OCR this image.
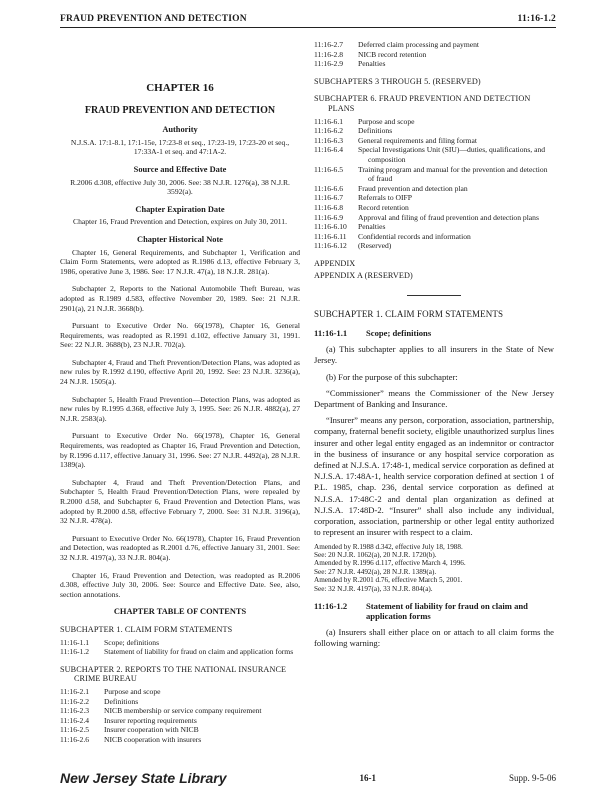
FRAUD PREVENTION AND DETECTION	11:16-1.2
CHAPTER 16
FRAUD PREVENTION AND DETECTION
Authority
N.J.S.A. 17:1-8.1, 17:1-15e, 17:23-8 et seq., 17:23-19, 17:23-20 et seq., 17:33A-1 et seq. and 47:1A-2.
Source and Effective Date
R.2006 d.308, effective July 30, 2006. See: 38 N.J.R. 1276(a), 38 N.J.R. 3592(a).
Chapter Expiration Date
Chapter 16, Fraud Prevention and Detection, expires on July 30, 2011.
Chapter Historical Note

Chapter 16, General Requirements, and Subchapter 1, Verification and Claim Form Statements, were adopted as R.1986 d.13, effective February 3, 1986, operative June 3, 1986. See: 17 N.J.R. 47(a), 18 N.J.R. 281(a).

Subchapter 2, Reports to the National Automobile Theft Bureau, was adopted as R.1989 d.583, effective November 20, 1989. See: 21 N.J.R. 2901(a), 21 N.J.R. 3668(b).

Pursuant to Executive Order No. 66(1978), Chapter 16, General Requirements, was readopted as R.1991 d.102, effective January 31, 1991. See: 22 N.J.R. 3688(b), 23 N.J.R. 702(a).

Subchapter 4, Fraud and Theft Prevention/Detection Plans, was adopted as new rules by R.1992 d.190, effective April 20, 1992. See: 23 N.J.R. 3236(a), 24 N.J.R. 1505(a).

Subchapter 5, Health Fraud Prevention—Detection Plans, was adopted as new rules by R.1995 d.368, effective July 3, 1995. See: 26 N.J.R. 4882(a), 27 N.J.R. 2583(a).

Pursuant to Executive Order No. 66(1978), Chapter 16, General Requirements, was readopted as Chapter 16, Fraud Prevention and Detection, by R.1996 d.117, effective January 31, 1996. See: 27 N.J.R. 4492(a), 28 N.J.R. 1389(a).

Subchapter 4, Fraud and Theft Prevention/Detection Plans, and Subchapter 5, Health Fraud Prevention/Detection Plans, were repealed by R.2000 d.58, and Subchapter 6, Fraud Prevention and Detection Plans, was adopted by R.2000 d.58, effective February 7, 2000. See: 31 N.J.R. 3196(a), 32 N.J.R. 478(a).

Pursuant to Executive Order No. 66(1978), Chapter 16, Fraud Prevention and Detection, was readopted as R.2001 d.76, effective January 31, 2001. See: 32 N.J.R. 4197(a), 33 N.J.R. 804(a).

Chapter 16, Fraud Prevention and Detection, was readopted as R.2006 d.308, effective July 30, 2006. See: Source and Effective Date. See, also, section annotations.

CHAPTER TABLE OF CONTENTS
SUBCHAPTER 1. CLAIM FORM STATEMENTS
11:16-1.1	Scope; definitions
11:16-1.2	Statement of liability for fraud on claim and application forms
SUBCHAPTER 2. REPORTS TO THE NATIONAL INSURANCE CRIME BUREAU
11:16-2.1	Purpose and scope
11:16-2.2	Definitions
11:16-2.3	NICB membership or service company requirement
11:16-2.4	Insurer reporting requirements
11:16-2.5	Insurer cooperation with NICB
11:16-2.6	NICB cooperation with insurers
11:16-2.7	Deferred claim processing and payment
11:16-2.8	NICB record retention
11:16-2.9	Penalties
SUBCHAPTERS 3 THROUGH 5. (RESERVED)
SUBCHAPTER 6. FRAUD PREVENTION AND DETECTION PLANS
11:16-6.1	Purpose and scope
11:16-6.2	Definitions
11:16-6.3	General requirements and filing format
11:16-6.4	Special Investigations Unit (SIU)—duties, qualifications, and composition
11:16-6.5	Training program and manual for the prevention and detection of fraud
11:16-6.6	Fraud prevention and detection plan
11:16-6.7	Referrals to OIFP
11:16-6.8	Record retention
11:16-6.9	Approval and filing of fraud prevention and detection plans
11:16-6.10	Penalties
11:16-6.11	Confidential records and information
11:16-6.12	(Reserved)
APPENDIX
APPENDIX A (RESERVED)
SUBCHAPTER 1. CLAIM FORM STATEMENTS
11:16-1.1	Scope; definitions

(a) This subchapter applies to all insurers in the State of New Jersey.

(b) For the purpose of this subchapter:

“Commissioner” means the Commissioner of the New Jersey Department of Banking and Insurance.

“Insurer” means any person, corporation, association, partnership, company, fraternal benefit society, eligible unauthorized surplus lines insurer and other legal entity engaged as an indemnitor or contractor in the business of insurance or any hospital service corporation as defined at N.J.S.A. 17:48-1, medical service corporation as defined at N.J.S.A. 17:48A-1, health service corporation defined at section 1 of P.L. 1985, chap. 236, dental service corporation as defined at N.J.S.A. 17:48C-2 and dental plan organization as defined at N.J.S.A. 17:48D-2. “Insurer” shall also include any individual, corporation, association, partnership or other legal entity authorized to represent an insurer with respect to a claim.

Amended by R.1988 d.342, effective July 18, 1988.
See: 20 N.J.R. 1062(a), 20 N.J.R. 1720(b).
Amended by R.1996 d.117, effective March 4, 1996.
See: 27 N.J.R. 4492(a), 28 N.J.R. 1389(a).
Amended by R.2001 d.76, effective March 5, 2001.
See: 32 N.J.R. 4197(a), 33 N.J.R. 804(a).
11:16-1.2	Statement of liability for fraud on claim and application forms

(a) Insurers shall either place on or attach to all claim forms the following warning:

New Jersey State Library	16-1	Supp. 9-5-06
